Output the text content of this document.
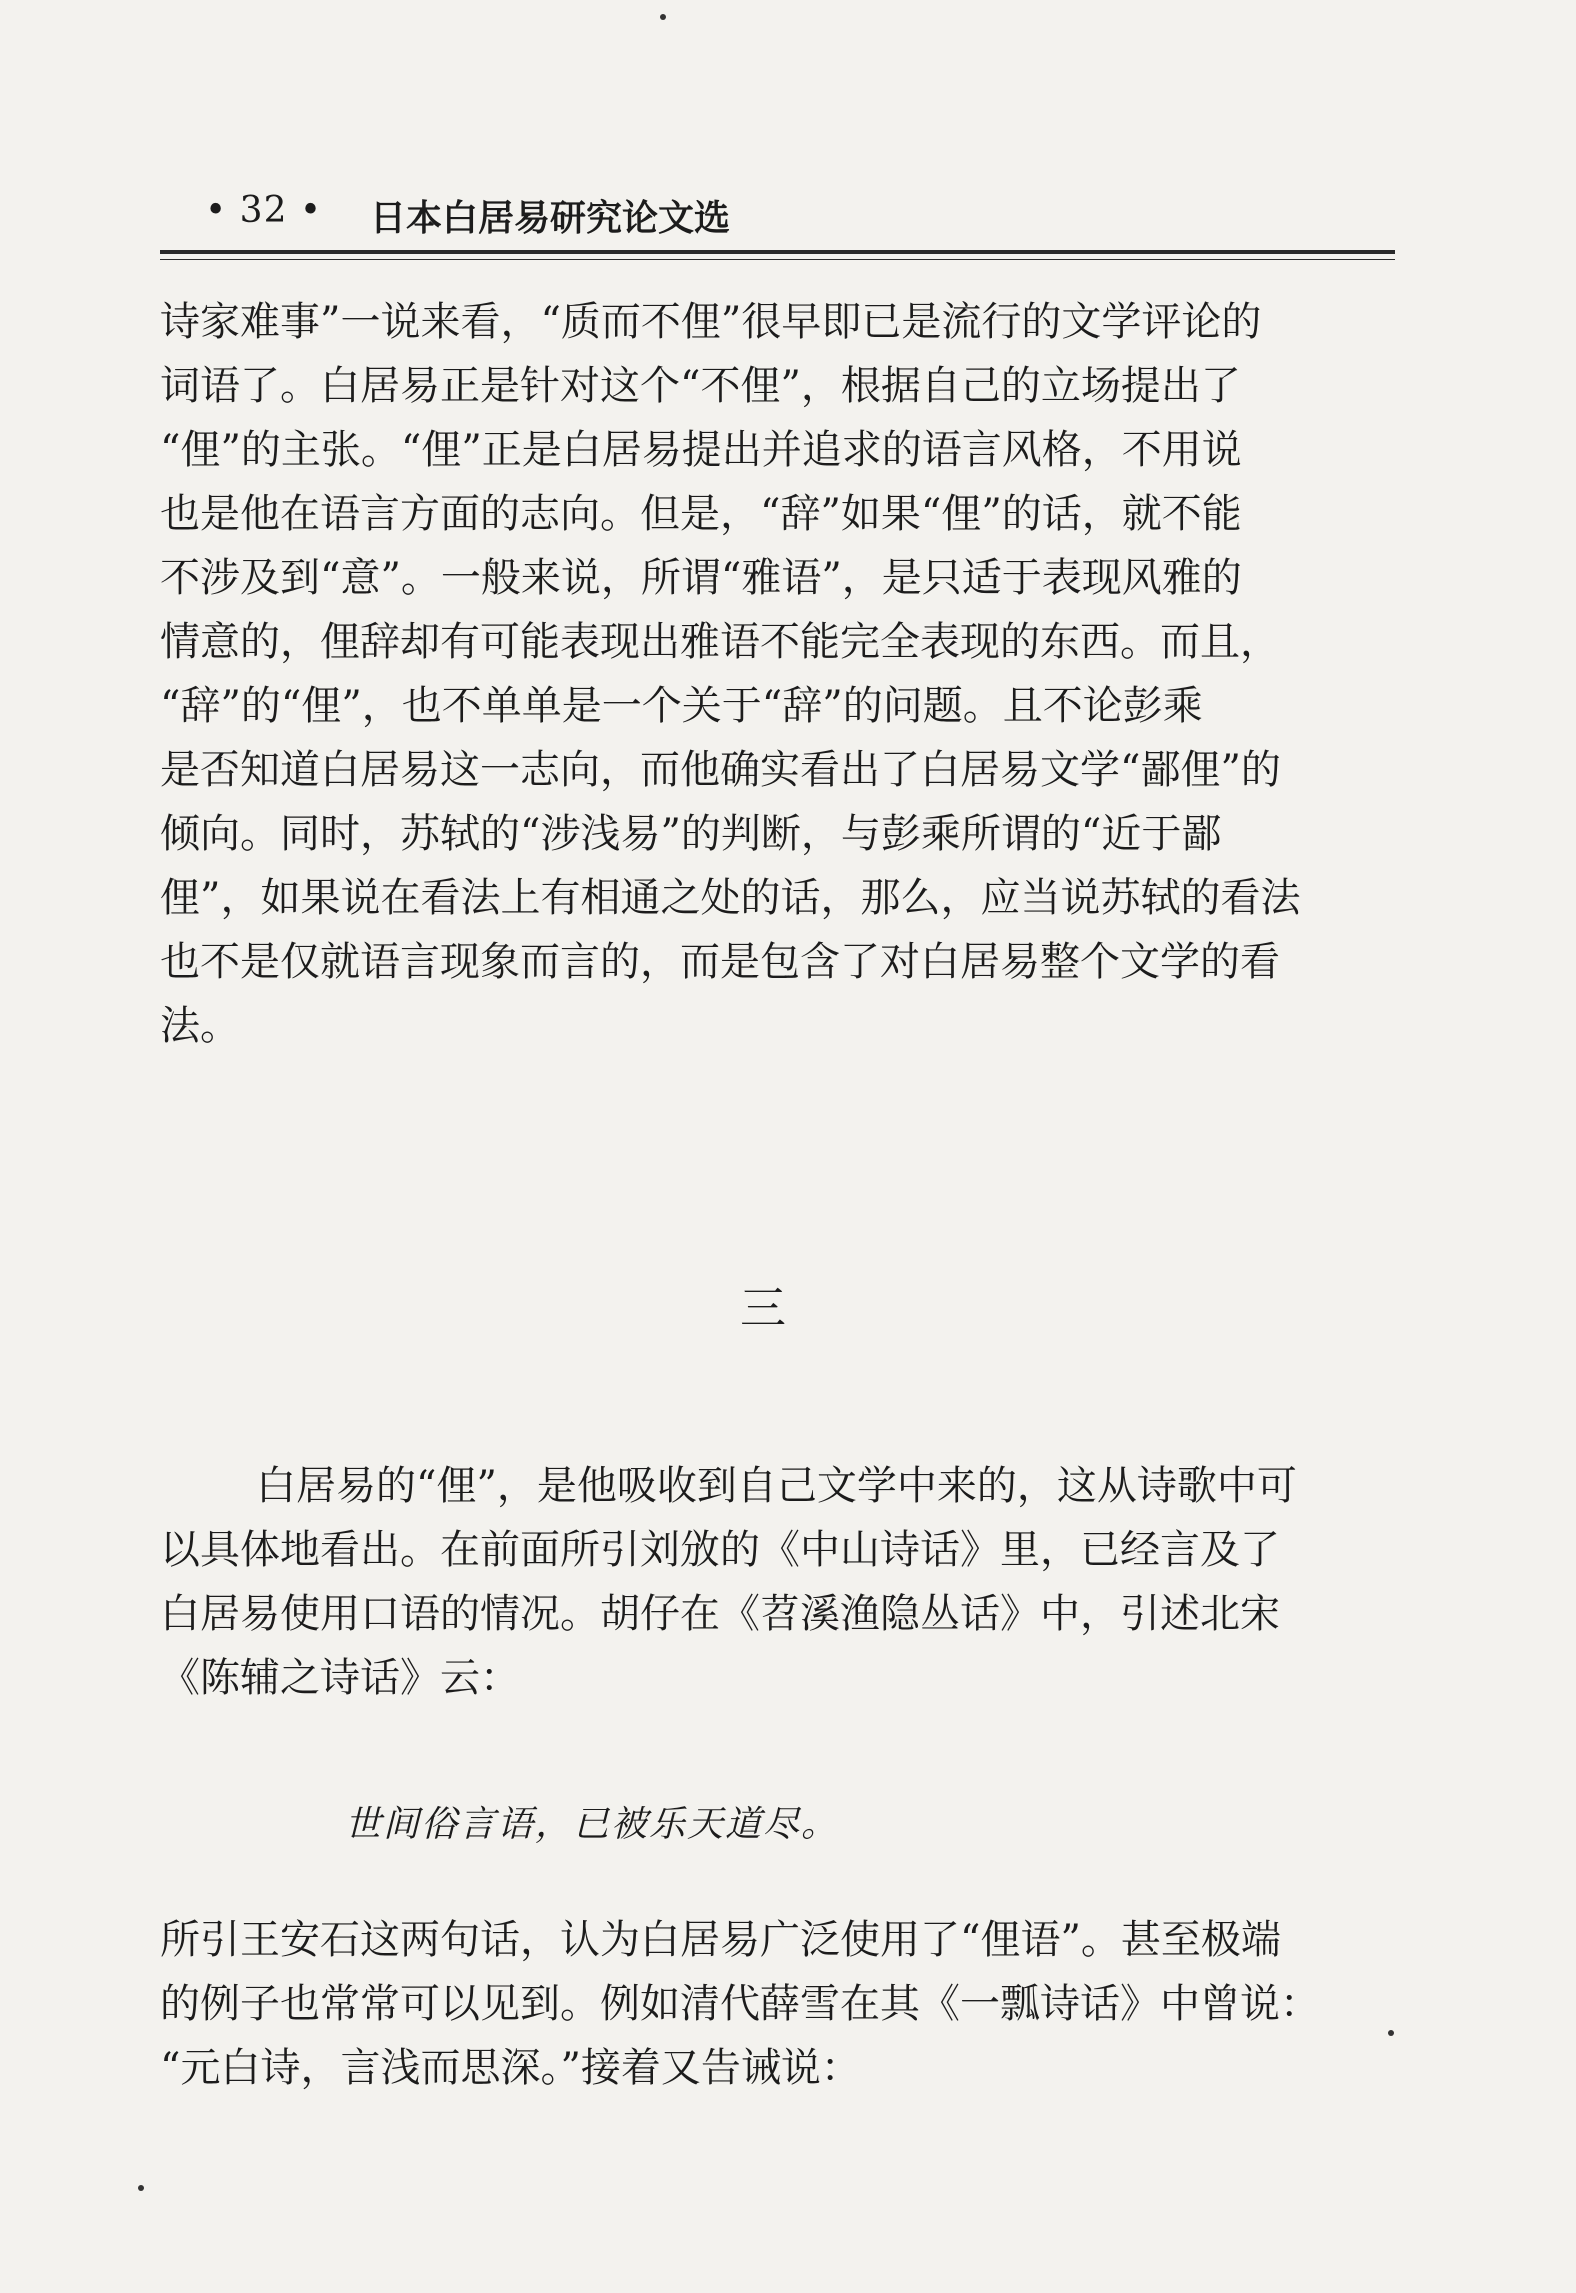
• 32 • 日本白居易研究论文选
诗家难事”一说来看，“质而不俚”很早即已是流行的文学评论的
词语了。白居易正是针对这个“不俚”，根据自己的立场提出了
“俚”的主张。“俚”正是白居易提出并追求的语言风格，不用说
也是他在语言方面的志向。但是，“辞”如果“俚”的话，就不能
不涉及到“意”。一般来说，所谓“雅语”，是只适于表现风雅的
情意的，俚辞却有可能表现出雅语不能完全表现的东西。而且，
“辞”的“俚”，也不单单是一个关于“辞”的问题。且不论彭乘
是否知道白居易这一志向，而他确实看出了白居易文学“鄙俚”的
倾向。同时，苏轼的“涉浅易”的判断，与彭乘所谓的“近于鄙
俚”，如果说在看法上有相通之处的话，那么，应当说苏轼的看法
也不是仅就语言现象而言的，而是包含了对白居易整个文学的看
法。
三
白居易的“俚”，是他吸收到自己文学中来的，这从诗歌中可
以具体地看出。在前面所引刘攽的《中山诗话》里，已经言及了
白居易使用口语的情况。胡仔在《苕溪渔隐丛话》中，引述北宋
《陈辅之诗话》云：
世间俗言语，已被乐天道尽。
所引王安石这两句话，认为白居易广泛使用了“俚语”。甚至极端
的例子也常常可以见到。例如清代薛雪在其《一瓢诗话》中曾说：
“元白诗，言浅而思深。”接着又告诫说：
